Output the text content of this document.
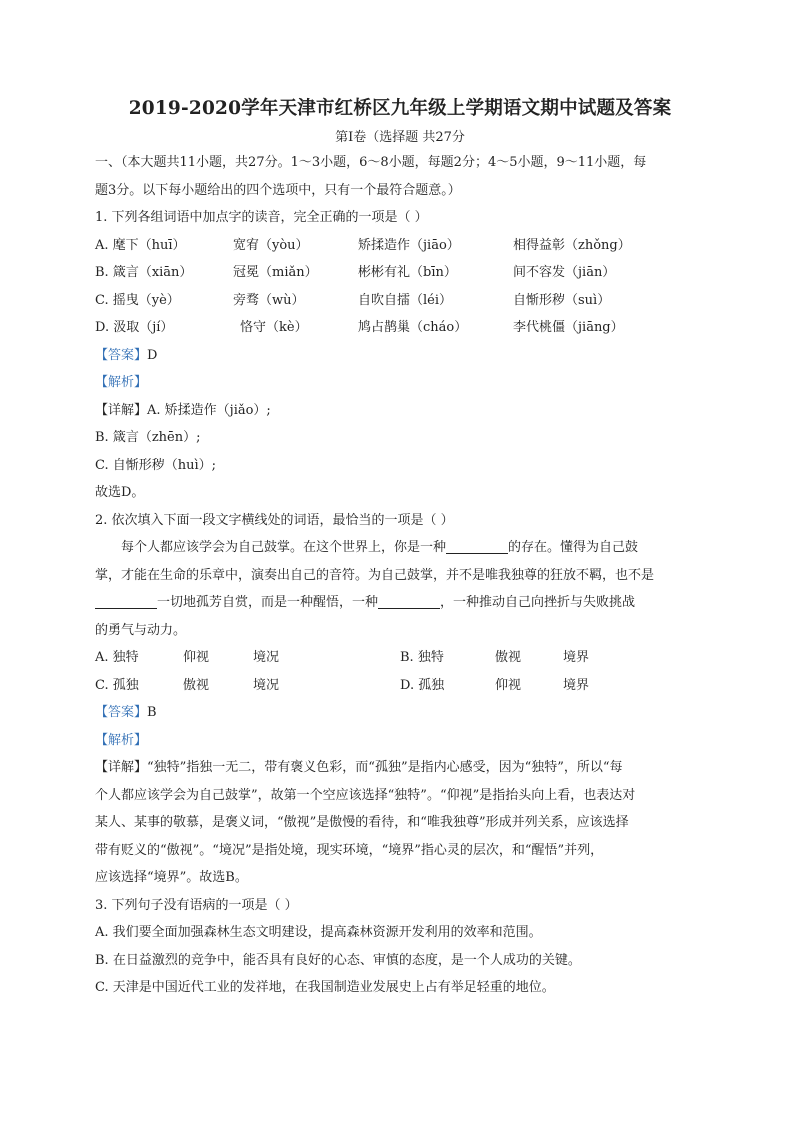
2019-2020学年天津市红桥区九年级上学期语文期中试题及答案
第Ⅰ卷（选择题 共27分
一、（本大题共11小题，共27分。1～3小题，6～8小题，每题2分；4～5小题，9～11小题，每
题3分。以下每小题给出的四个选项中，只有一个最符合题意。）
1. 下列各组词语中加点字的读音，完全正确的一项是（ ）
A. 麾下（huī）	宽宥（yòu）	矫揉造作（jiāo）	相得益彰（zhǒng）
B. 箴言（xiān）	冠冕（miǎn）	彬彬有礼（bīn）	间不容发（jiān）
C. 摇曳（yè）	旁骛（wù）	自吹自擂（léi）	自惭形秽（suì）
D. 汲取（jí）	恪守（kè）	鸠占鹊巢（cháo）	李代桃僵（jiāng）
【答案】D
【解析】
【详解】A. 矫揉造作（jiǎo）;
B. 箴言（zhēn）;
C. 自惭形秽（huì）;
故选D。
2. 依次填入下面一段文字横线处的词语，最恰当的一项是（ ）
每个人都应该学会为自己鼓掌。在这个世界上，你是一种	的存在。懂得为自己鼓
掌，才能在生命的乐章中，演奏出自己的音符。为自己鼓掌，并不是唯我独尊的狂放不羁，也不是
一切地孤芳自赏，而是一种醒悟，一种	，一种推动自己向挫折与失败挑战
的勇气与动力。
A. 独特	仰视	境况	B. 独特	傲视	境界
C. 孤独	傲视	境况	D. 孤独	仰视	境界
【答案】B
【解析】
【详解】“独特”指独一无二，带有褒义色彩，而“孤独”是指内心感受，因为“独特”，所以“每
个人都应该学会为自己鼓掌”，故第一个空应该选择“独特”。“仰视”是指抬头向上看，也表达对
某人、某事的敬慕，是褒义词，“傲视”是傲慢的看待，和“唯我独尊”形成并列关系，应该选择
带有贬义的“傲视”。“境况”是指处境，现实环境，“境界”指心灵的层次，和“醒悟”并列，
应该选择“境界”。故选B。
3. 下列句子没有语病的一项是（ ）
A. 我们要全面加强森林生态文明建设，提高森林资源开发利用的效率和范围。
B. 在日益激烈的竞争中，能否具有良好的心态、审慎的态度，是一个人成功的关键。
C. 天津是中国近代工业的发祥地，在我国制造业发展史上占有举足轻重的地位。
